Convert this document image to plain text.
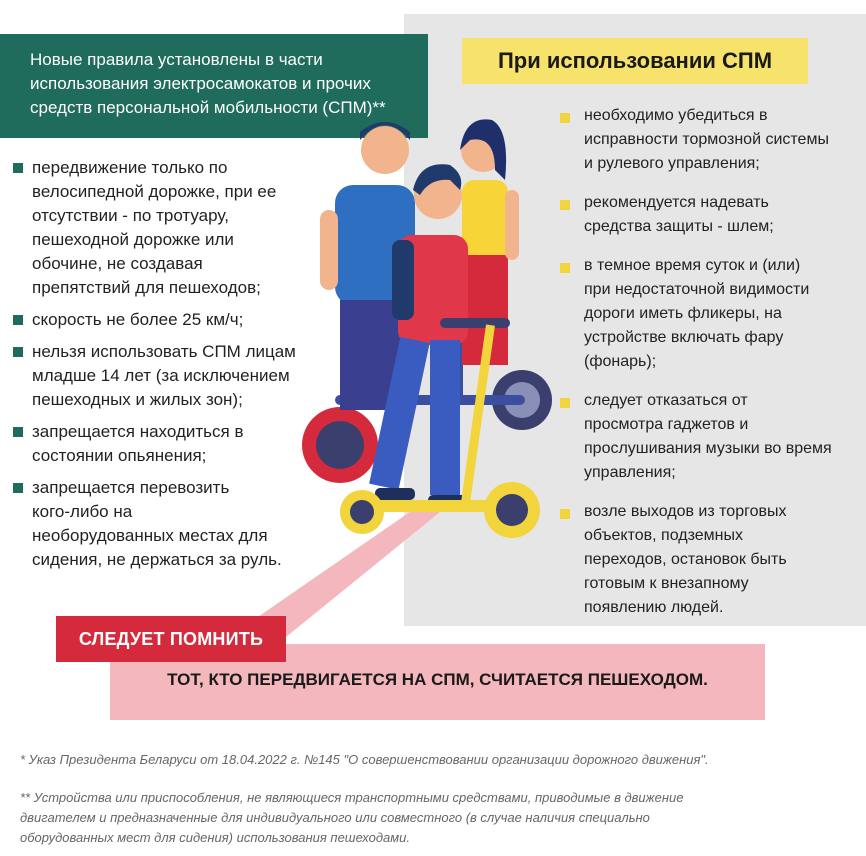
Новые правила установлены в части
использования электросамокатов и прочих
средств персональной мобильности (СПМ)**
При использовании СПМ
передвижение только по
велосипедной дорожке, при ее
отсутствии - по тротуару,
пешеходной дорожке или
обочине, не создавая
препятствий для пешеходов;
скорость не более 25 км/ч;
нельзя использовать СПМ лицам
младше 14 лет (за исключением
пешеходных и жилых зон);
запрещается находиться в
состоянии опьянения;
запрещается перевозить
кого-либо на
необорудованных местах для
сидения, не держаться за руль.
необходимо убедиться в
исправности тормозной системы
и рулевого управления;
рекомендуется надевать
средства защиты - шлем;
в темное время суток и (или)
при недостаточной видимости
дороги иметь фликеры, на
устройстве включать фару
(фонарь);
следует отказаться от
просмотра гаджетов и
прослушивания музыки во время
управления;
возле выходов из торговых
объектов, подземных
переходов, остановок быть
готовым к внезапному
появлению людей.
СЛЕДУЕТ ПОМНИТЬ
ТОТ, КТО ПЕРЕДВИГАЕТСЯ НА СПМ, СЧИТАЕТСЯ ПЕШЕХОДОМ.
* Указ Президента Беларуси от 18.04.2022 г. №145 "О совершенствовании организации дорожного движения".
** Устройства или приспособления, не являющиеся транспортными средствами, приводимые в движение
двигателем и предназначенные для индивидуального или совместного (в случае наличия специально
оборудованных мест для сидения) использования пешеходами.
